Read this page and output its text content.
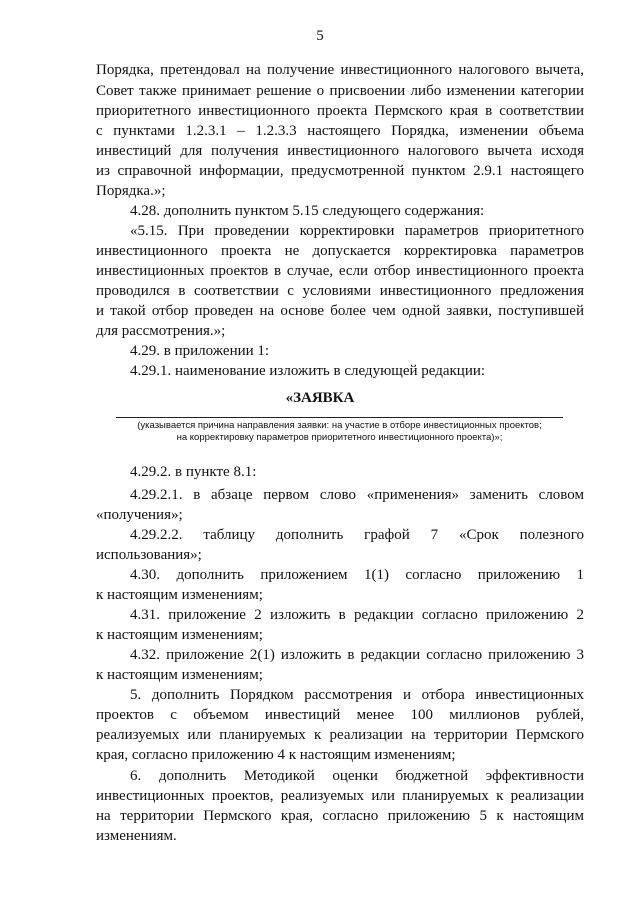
5
Порядка, претендовал на получение инвестиционного налогового вычета,
Совет также принимает решение о присвоении либо изменении категории
приоритетного инвестиционного проекта Пермского края в соответствии
с пунктами 1.2.3.1 – 1.2.3.3 настоящего Порядка, изменении объема
инвестиций для получения инвестиционного налогового вычета исходя
из справочной информации, предусмотренной пунктом 2.9.1 настоящего
Порядка.»;
4.28. дополнить пунктом 5.15 следующего содержания:
«5.15. При проведении корректировки параметров приоритетного
инвестиционного проекта не допускается корректировка параметров
инвестиционных проектов в случае, если отбор инвестиционного проекта
проводился в соответствии с условиями инвестиционного предложения
и такой отбор проведен на основе более чем одной заявки, поступившей
для рассмотрения.»;
4.29. в приложении 1:
4.29.1. наименование изложить в следующей редакции:
«ЗАЯВКА
(указывается причина направления заявки: на участие в отборе инвестиционных проектов;
на корректировку параметров приоритетного инвестиционного проекта)»;
4.29.2. в пункте 8.1:
4.29.2.1. в абзаце первом слово «применения» заменить словом
«получения»;
4.29.2.2. таблицу дополнить графой 7 «Срок полезного
использования»;
4.30. дополнить приложением 1(1) согласно приложению 1
к настоящим изменениям;
4.31. приложение 2 изложить в редакции согласно приложению 2
к настоящим изменениям;
4.32. приложение 2(1) изложить в редакции согласно приложению 3
к настоящим изменениям;
5. дополнить Порядком рассмотрения и отбора инвестиционных
проектов с объемом инвестиций менее 100 миллионов рублей,
реализуемых или планируемых к реализации на территории Пермского
края, согласно приложению 4 к настоящим изменениям;
6. дополнить Методикой оценки бюджетной эффективности
инвестиционных проектов, реализуемых или планируемых к реализации
на территории Пермского края, согласно приложению 5 к настоящим
изменениям.
